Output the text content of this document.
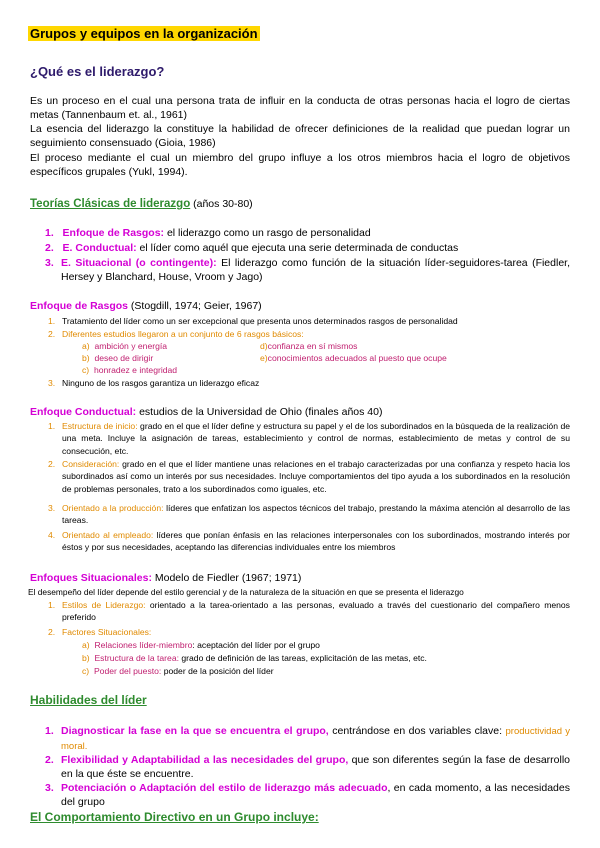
Grupos y equipos en la organización
¿Qué es el liderazgo?
Es un proceso en el cual una persona trata de influir en la conducta de otras personas hacia el logro de ciertas metas (Tannenbaum et. al., 1961)
La esencia del liderazgo la constituye la habilidad de ofrecer definiciones de la realidad que puedan lograr un seguimiento consensuado (Gioia, 1986)
El proceso mediante el cual un miembro del grupo influye a los otros miembros hacia el logro de objetivos específicos grupales (Yukl, 1994).
Teorías Clásicas de liderazgo (años 30-80)
1. Enfoque de Rasgos: el liderazgo como un rasgo de personalidad
2. E. Conductual: el líder como aquél que ejecuta una serie determinada de conductas
3. E. Situacional (o contingente): El liderazgo como función de la situación líder-seguidores-tarea (Fiedler, Hersey y Blanchard, House, Vroom y Jago)
Enfoque de Rasgos (Stogdill, 1974; Geier, 1967)
1. Tratamiento del líder como un ser excepcional que presenta unos determinados rasgos de personalidad
2. Diferentes estudios llegaron a un conjunto de 6 rasgos básicos:
a) ambición y energía	d)confianza en sí mismos
b) deseo de dirigir	e)conocimientos adecuados al puesto que ocupe
c) honradez e integridad
3. Ninguno de los rasgos garantiza un liderazgo eficaz
Enfoque Conductual: estudios de la Universidad de Ohio (finales años 40)
1. Estructura de inicio: grado en el que el líder define y estructura su papel y el de los subordinados en la búsqueda de la realización de una meta. Incluye la asignación de tareas, establecimiento y control de normas, establecimiento de metas y control de su consecución, etc.
2. Consideración: grado en el que el líder mantiene unas relaciones en el trabajo caracterizadas por una confianza y respeto hacia los subordinados así como un interés por sus necesidades. Incluye comportamientos del tipo ayuda a los subordinados en la resolución de problemas personales, trato a los subordinados como iguales, etc.
3. Orientado a la producción: líderes que enfatizan los aspectos técnicos del trabajo, prestando la máxima atención al desarrollo de las tareas.
4. Orientado al empleado: líderes que ponían énfasis en las relaciones interpersonales con los subordinados, mostrando interés por éstos y por sus necesidades, aceptando las diferencias individuales entre los miembros
Enfoques Situacionales: Modelo de Fiedler (1967; 1971)
El desempeño del líder depende del estilo gerencial y de la naturaleza de la situación en que se presenta el liderazgo
1. Estilos de Liderazgo: orientado a la tarea-orientado a las personas, evaluado a través del cuestionario del compañero menos preferido
2. Factores Situacionales:
a) Relaciones líder-miembro: aceptación del líder por el grupo
b) Estructura de la tarea: grado de definición de las tareas, explicitación de las metas, etc.
c) Poder del puesto: poder de la posición del líder
Habilidades del líder
1. Diagnosticar la fase en la que se encuentra el grupo, centrándose en dos variables clave: productividad y moral.
2. Flexibilidad y Adaptabilidad a las necesidades del grupo, que son diferentes según la fase de desarrollo en la que éste se encuentre.
3. Potenciación o Adaptación del estilo de liderazgo más adecuado, en cada momento, a las necesidades del grupo
El Comportamiento Directivo en un Grupo incluye:
